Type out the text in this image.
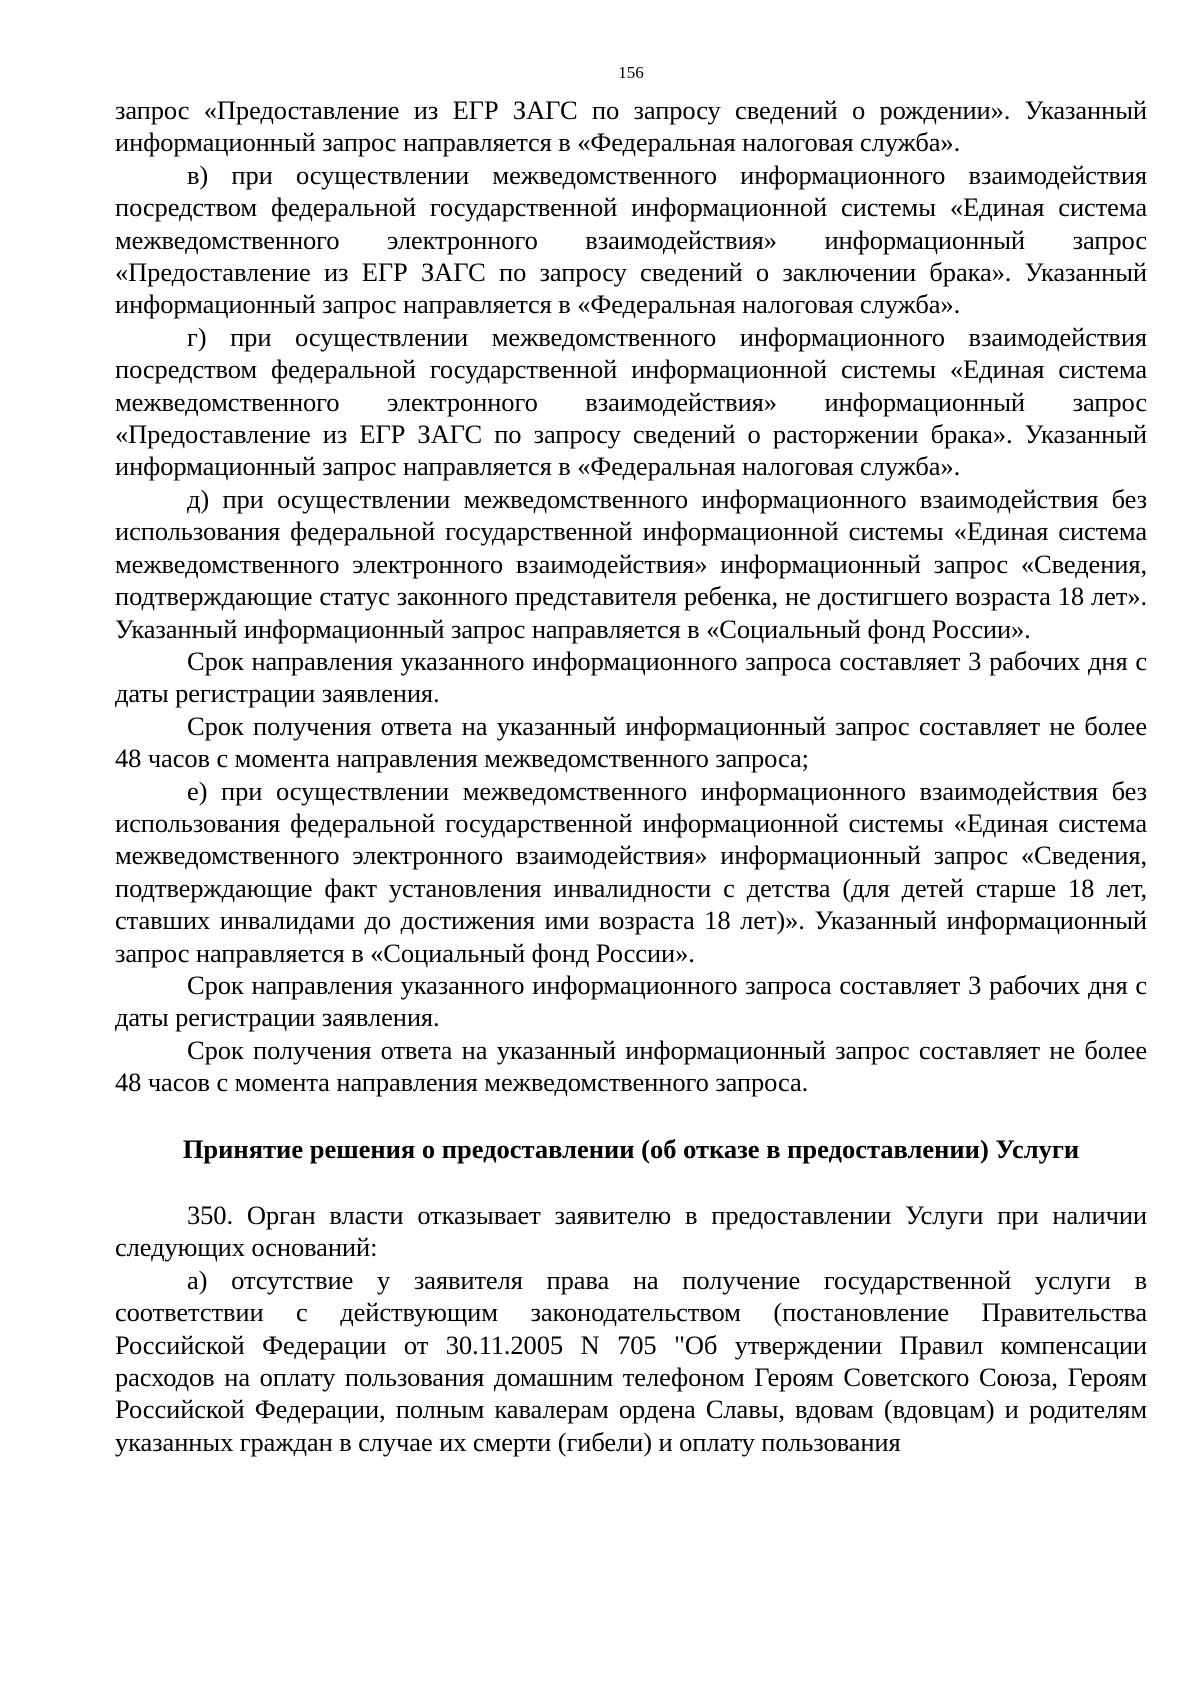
156

запрос «Предоставление из ЕГР ЗАГС по запросу сведений о рождении». Указанный информационный запрос направляется в «Федеральная налоговая служба».

в) при осуществлении межведомственного информационного взаимодействия посредством федеральной государственной информационной системы «Единая система межведомственного электронного взаимодействия» информационный запрос «Предоставление из ЕГР ЗАГС по запросу сведений о заключении брака». Указанный информационный запрос направляется в «Федеральная налоговая служба».

г) при осуществлении межведомственного информационного взаимодействия посредством федеральной государственной информационной системы «Единая система межведомственного электронного взаимодействия» информационный запрос «Предоставление из ЕГР ЗАГС по запросу сведений о расторжении брака». Указанный информационный запрос направляется в «Федеральная налоговая служба».

д) при осуществлении межведомственного информационного взаимодействия без использования федеральной государственной информационной системы «Единая система межведомственного электронного взаимодействия» информационный запрос «Сведения, подтверждающие статус законного представителя ребенка, не достигшего возраста 18 лет». Указанный информационный запрос направляется в «Социальный фонд России».

Срок направления указанного информационного запроса составляет 3 рабочих дня с даты регистрации заявления.

Срок получения ответа на указанный информационный запрос составляет не более 48 часов с момента направления межведомственного запроса;

е) при осуществлении межведомственного информационного взаимодействия без использования федеральной государственной информационной системы «Единая система межведомственного электронного взаимодействия» информационный запрос «Сведения, подтверждающие факт установления инвалидности с детства (для детей старше 18 лет, ставших инвалидами до достижения ими возраста 18 лет)». Указанный информационный запрос направляется в «Социальный фонд России».

Срок направления указанного информационного запроса составляет 3 рабочих дня с даты регистрации заявления.

Срок получения ответа на указанный информационный запрос составляет не более 48 часов с момента направления межведомственного запроса.

Принятие решения о предоставлении (об отказе в предоставлении) Услуги

350. Орган власти отказывает заявителю в предоставлении Услуги при наличии следующих оснований:

а) отсутствие у заявителя права на получение государственной услуги в соответствии с действующим законодательством (постановление Правительства Российской Федерации от 30.11.2005 N 705 "Об утверждении Правил компенсации расходов на оплату пользования домашним телефоном Героям Советского Союза, Героям Российской Федерации, полным кавалерам ордена Славы, вдовам (вдовцам) и родителям указанных граждан в случае их смерти (гибели) и оплату пользования
